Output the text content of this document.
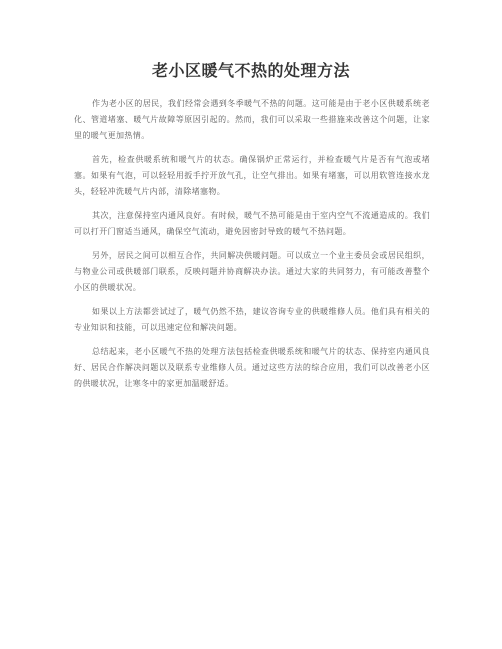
老小区暖气不热的处理方法

作为老小区的居民，我们经常会遇到冬季暖气不热的问题。这可能是由于老小区供暖系统老化、管道堵塞、暖气片故障等原因引起的。然而，我们可以采取一些措施来改善这个问题，让家里的暖气更加热情。

首先，检查供暖系统和暖气片的状态。确保锅炉正常运行，并检查暖气片是否有气泡或堵塞。如果有气泡，可以轻轻用扳手拧开放气孔，让空气排出。如果有堵塞，可以用软管连接水龙头，轻轻冲洗暖气片内部，清除堵塞物。

其次，注意保持室内通风良好。有时候，暖气不热可能是由于室内空气不流通造成的。我们可以打开门窗适当通风，确保空气流动，避免因密封导致的暖气不热问题。

另外，居民之间可以相互合作，共同解决供暖问题。可以成立一个业主委员会或居民组织，与物业公司或供暖部门联系，反映问题并协商解决办法。通过大家的共同努力，有可能改善整个小区的供暖状况。

如果以上方法都尝试过了，暖气仍然不热，建议咨询专业的供暖维修人员。他们具有相关的专业知识和技能，可以迅速定位和解决问题。

总结起来，老小区暖气不热的处理方法包括检查供暖系统和暖气片的状态、保持室内通风良好、居民合作解决问题以及联系专业维修人员。通过这些方法的综合应用，我们可以改善老小区的供暖状况，让寒冬中的家更加温暖舒适。
